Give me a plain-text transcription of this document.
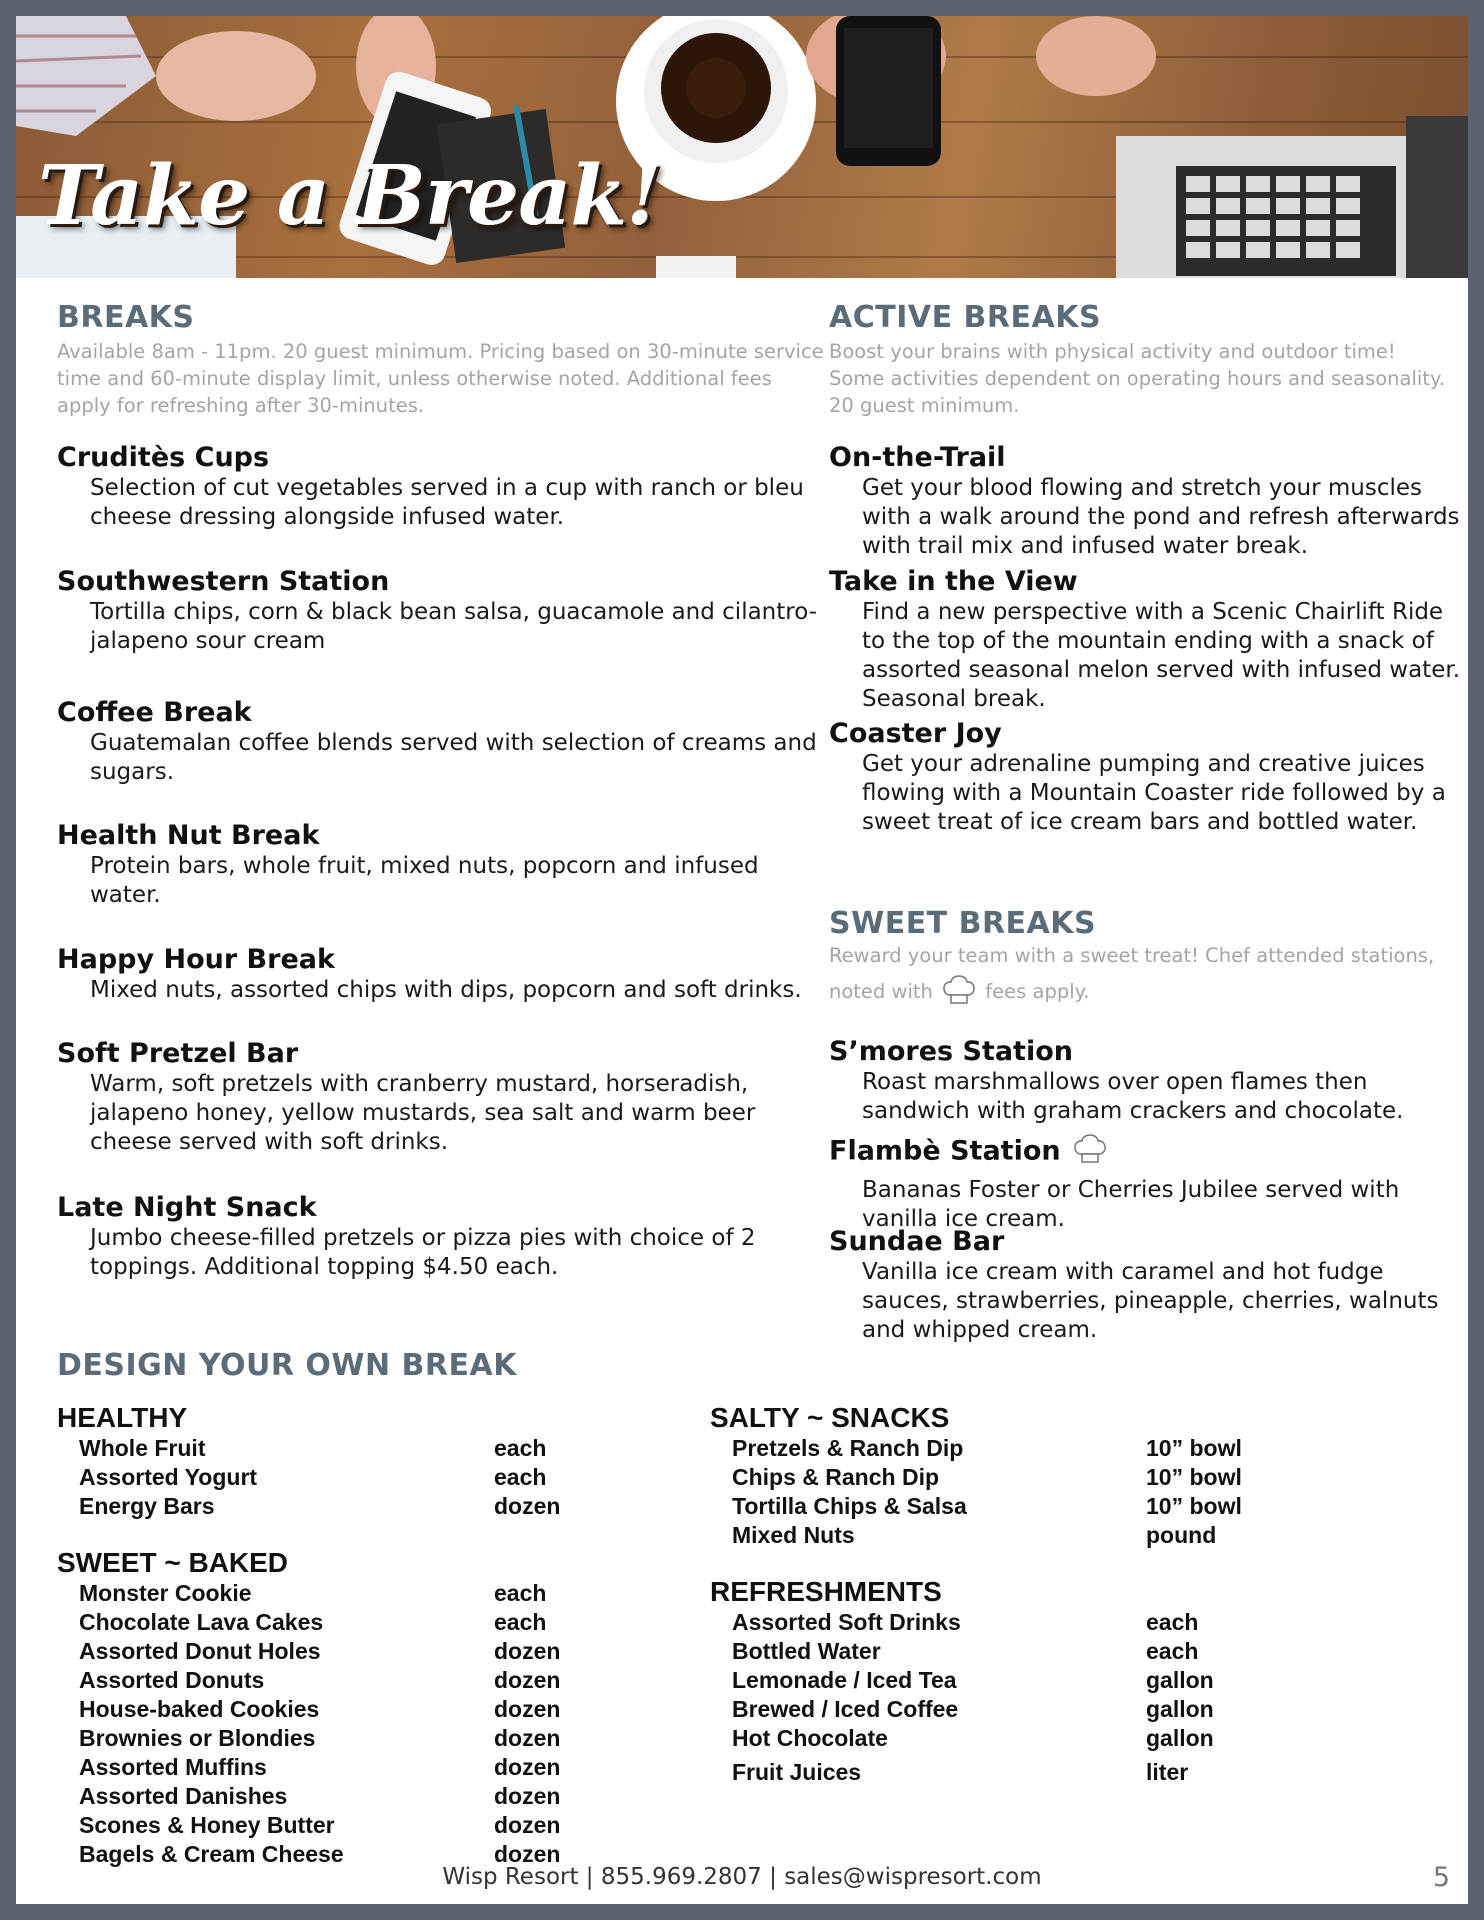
Take a Break!
BREAKS
Available 8am - 11pm. 20 guest minimum. Pricing based on 30-minute service time and 60-minute display limit, unless otherwise noted. Additional fees apply for refreshing after 30-minutes.
Cruditès Cups
Selection of cut vegetables served in a cup with ranch or bleu cheese dressing alongside infused water.
Southwestern Station
Tortilla chips, corn & black bean salsa, guacamole and cilantro-jalapeno sour cream
Coffee Break
Guatemalan coffee blends served with selection of creams and sugars.
Health Nut Break
Protein bars, whole fruit, mixed nuts, popcorn and infused water.
Happy Hour Break
Mixed nuts, assorted chips with dips, popcorn and soft drinks.
Soft Pretzel Bar
Warm, soft pretzels with cranberry mustard, horseradish, jalapeno honey, yellow mustards, sea salt and warm beer cheese served with soft drinks.
Late Night Snack
Jumbo cheese-filled pretzels or pizza pies with choice of 2 toppings. Additional topping $4.50 each.
ACTIVE BREAKS
Boost your brains with physical activity and outdoor time! Some activities dependent on operating hours and seasonality. 20 guest minimum.
On-the-Trail
Get your blood flowing and stretch your muscles with a walk around the pond and refresh afterwards with trail mix and infused water break.
Take in the View
Find a new perspective with a Scenic Chairlift Ride to the top of the mountain ending with a snack of assorted seasonal melon served with infused water. Seasonal break.
Coaster Joy
Get your adrenaline pumping and creative juices flowing with a Mountain Coaster ride followed by a sweet treat of ice cream bars and bottled water.
SWEET BREAKS
Reward your team with a sweet treat! Chef attended stations, noted with	fees apply.
S’mores Station
Roast marshmallows over open flames then sandwich with graham crackers and chocolate.
Flambè Station
Bananas Foster or Cherries Jubilee served with vanilla ice cream.
Sundae Bar
Vanilla ice cream with caramel and hot fudge sauces, strawberries, pineapple, cherries, walnuts and whipped cream.
DESIGN YOUR OWN BREAK
HEALTHY
SWEET ~ BAKED
SALTY ~ SNACKS
REFRESHMENTS
Whole Fruit	each
Assorted Yogurt	each
Energy Bars	dozen
Monster Cookie	each
Chocolate Lava Cakes	each
Assorted Donut Holes	dozen
Assorted Donuts	dozen
House-baked Cookies	dozen
Brownies or Blondies	dozen
Assorted Muffins	dozen
Assorted Danishes	dozen
Scones & Honey Butter	dozen
Bagels & Cream Cheese	dozen
Pretzels & Ranch Dip	10” bowl
Chips & Ranch Dip	10” bowl
Tortilla Chips & Salsa	10” bowl
Mixed Nuts	pound
Assorted Soft Drinks	each
Bottled Water	each
Lemonade / Iced Tea	gallon
Brewed / Iced Coffee	gallon
Hot Chocolate	gallon
Fruit Juices	liter
Wisp Resort | 855.969.2807 | sales@wispresort.com	5
